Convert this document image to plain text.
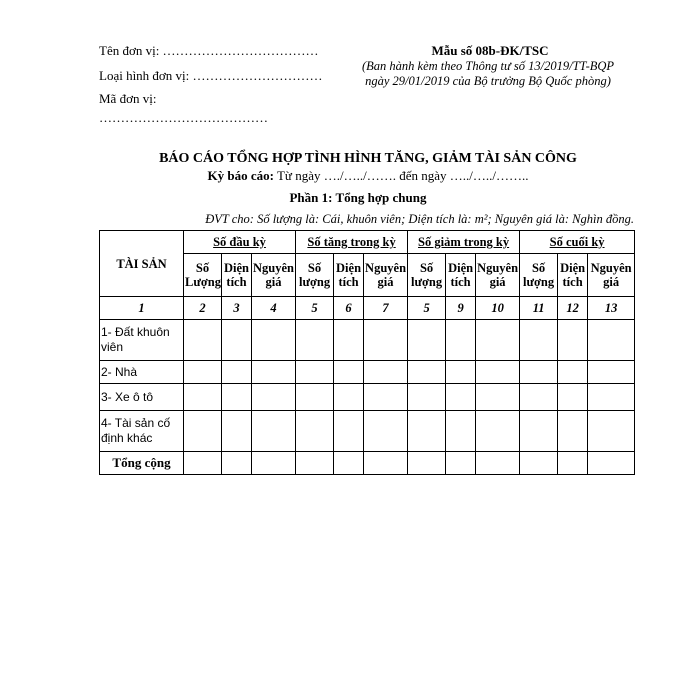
Tên đơn vị: ………………………………
Loại hình đơn vị: …………………………
Mã đơn vị:
…………………………………
Mẫu số 08b-ĐK/TSC
(Ban hành kèm theo Thông tư số 13/2019/TT-BQP
ngày 29/01/2019 của Bộ trưởng Bộ Quốc phòng)
BÁO CÁO TỔNG HỢP TÌNH HÌNH TĂNG, GIẢM TÀI SẢN CÔNG
Kỳ báo cáo: Từ ngày …./…../……. đến ngày …../…../……..
Phần 1: Tổng hợp chung
ĐVT cho: Số lượng là: Cái, khuôn viên; Diện tích là: m²; Nguyên giá là: Nghìn đồng.
TÀI SẢN	Số đầu kỳ			Số tăng trong kỳ			Số giảm trong kỳ			Số cuối kỳ		
	Số Lượng	Diện tích	Nguyên giá	Số lượng	Diện tích	Nguyên giá	Số lượng	Diện tích	Nguyên giá	Số lượng	Diện tích	Nguyên giá
1	2	3	4	5	6	7	5	9	10	11	12	13
1- Đất khuôn viên												
2- Nhà												
3- Xe ô tô												
4- Tài sản cố định khác												
Tổng cộng												
